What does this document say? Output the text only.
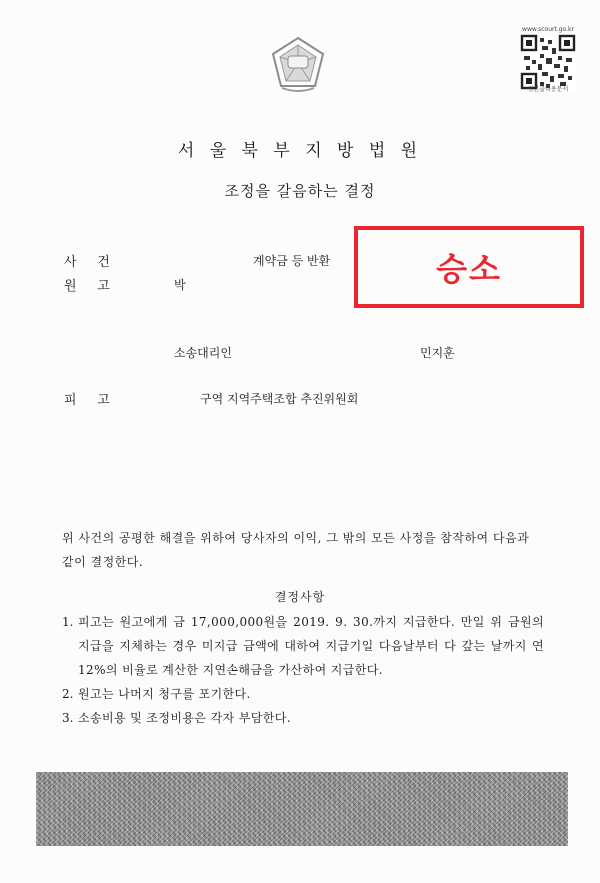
www.scourt.go.kr
원본출력용문서
서 울 북 부 지 방 법 원
조정을 갈음하는 결정
사     건	계약금 등 반환
원     고	박
소송대리인	민지훈
피     고	구역 지역주택조합 추진위원회
승소
위 사건의 공평한 해결을 위하여 당사자의 이익, 그 밖의 모든 사정을 참작하여 다음과 같이 결정한다.
결정사항
1. 피고는 원고에게 금 17,000,000원을 2019. 9. 30.까지 지급한다. 만일 위 금원의 지급을 지체하는 경우 미지급 금액에 대하여 지급기일 다음날부터 다 갚는 날까지 연 12%의 비율로 계산한 지연손해금을 가산하여 지급한다.
2. 원고는 나머지 청구를 포기한다.
3. 소송비용 및 조정비용은 각자 부담한다.
